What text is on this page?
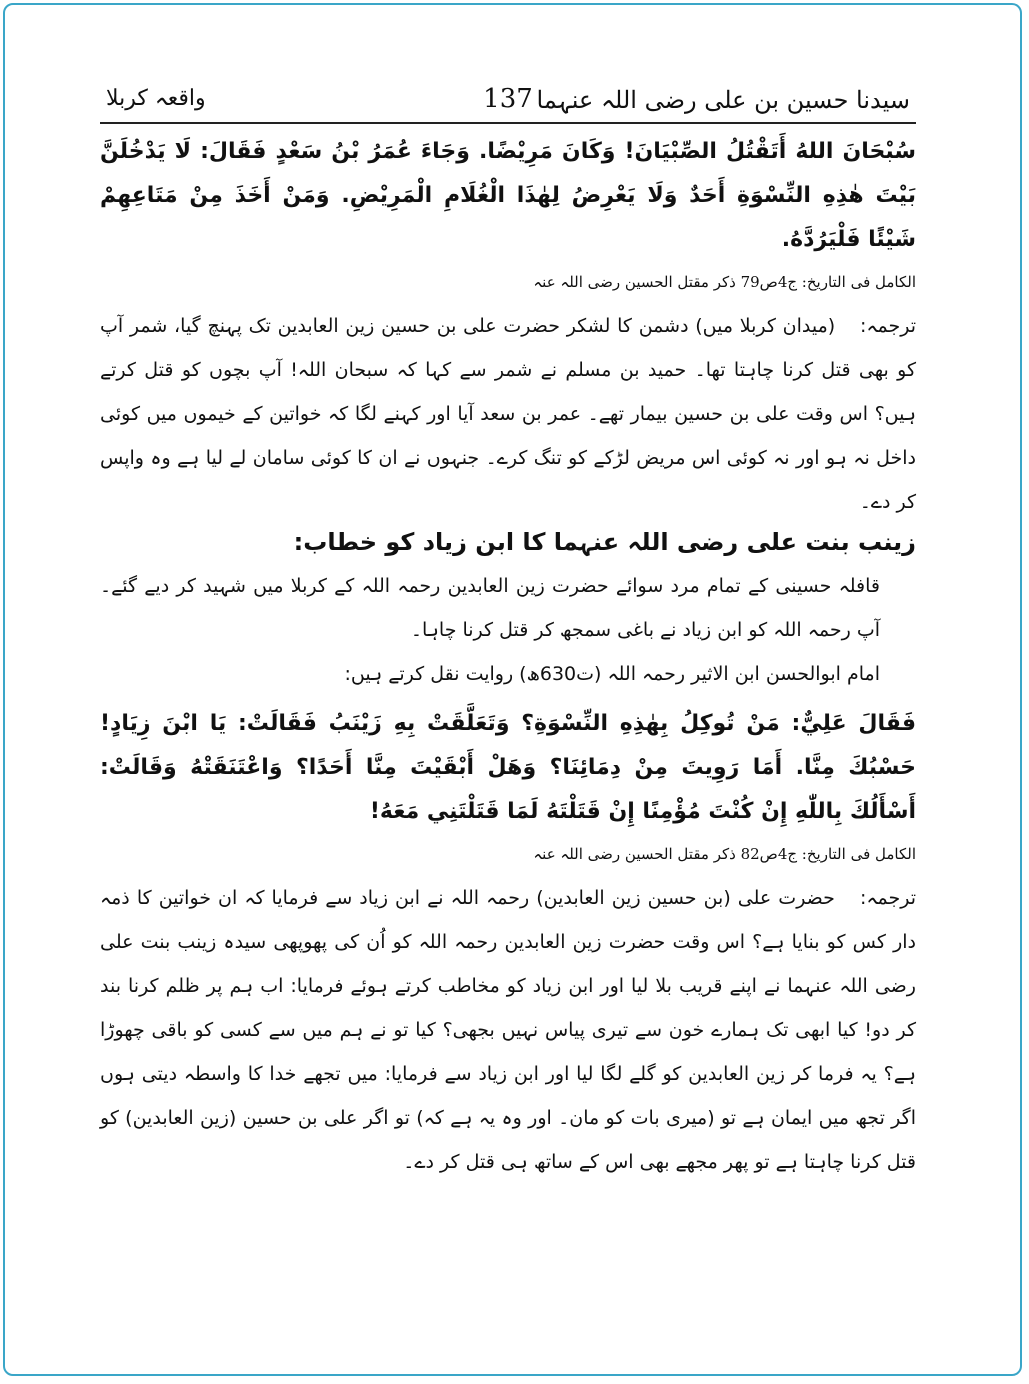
سیدنا حسین بن علی رضی اللہ عنہما
137
واقعہ کربلا

سُبْحَانَ اللهُ أَتَقْتُلُ الصِّبْيَانَ! وَكَانَ مَرِيْضًا. وَجَاءَ عُمَرُ بْنُ سَعْدٍ فَقَالَ: لَا يَدْخُلَنَّ بَيْتَ هٰذِهِ النِّسْوَةِ أَحَدٌ وَلَا يَعْرِضُ لِهٰذَا الْغُلَامِ الْمَرِيْضِ. وَمَنْ أَخَذَ مِنْ مَتَاعِهِمْ شَيْئًا فَلْيَرُدَّهُ.

الکامل فی التاریخ: ج4ص79 ذکر مقتل الحسین رضی اللہ عنہ

ترجمہ: (میدان کربلا میں) دشمن کا لشکر حضرت علی بن حسین زین العابدین تک پہنچ گیا، شمر آپ کو بھی قتل کرنا چاہتا تھا۔ حمید بن مسلم نے شمر سے کہا کہ سبحان اللہ! آپ بچوں کو قتل کرتے ہیں؟ اس وقت علی بن حسین بیمار تھے۔ عمر بن سعد آیا اور کہنے لگا کہ خواتین کے خیموں میں کوئی داخل نہ ہو اور نہ کوئی اس مریض لڑکے کو تنگ کرے۔ جنہوں نے ان کا کوئی سامان لے لیا ہے وہ واپس کر دے۔

زینب بنت علی رضی اللہ عنہما کا ابن زیاد کو خطاب:

قافلہ حسینی کے تمام مرد سوائے حضرت زین العابدین رحمہ اللہ کے کربلا میں شہید کر دیے گئے۔ آپ رحمہ اللہ کو ابن زیاد نے باغی سمجھ کر قتل کرنا چاہا۔

امام ابوالحسن ابن الاثیر رحمہ اللہ (ت630ھ) روایت نقل کرتے ہیں:

فَقَالَ عَلِيٌّ: مَنْ تُوكِلُ بِهٰذِهِ النِّسْوَةِ؟ وَتَعَلَّقَتْ بِهِ زَيْنَبُ فَقَالَتْ: يَا ابْنَ زِيَادٍ! حَسْبُكَ مِنَّا. أَمَا رَوِيتَ مِنْ دِمَائِنَا؟ وَهَلْ أَبْقَيْتَ مِنَّا أَحَدًا؟ وَاعْتَنَقَتْهُ وَقَالَتْ: أَسْأَلُكَ بِاللّٰهِ إِنْ كُنْتَ مُؤْمِنًا إِنْ قَتَلْتَهُ لَمَا قَتَلْتَنِي مَعَهُ!

الکامل فی التاریخ: ج4ص82 ذکر مقتل الحسین رضی اللہ عنہ

ترجمہ: حضرت علی (بن حسین زین العابدین) رحمہ اللہ نے ابن زیاد سے فرمایا کہ ان خواتین کا ذمہ دار کس کو بنایا ہے؟ اس وقت حضرت زین العابدین رحمہ اللہ کو اُن کی پھوپھی سیدہ زینب بنت علی رضی اللہ عنہما نے اپنے قریب بلا لیا اور ابن زیاد کو مخاطب کرتے ہوئے فرمایا: اب ہم پر ظلم کرنا بند کر دو! کیا ابھی تک ہمارے خون سے تیری پیاس نہیں بجھی؟ کیا تو نے ہم میں سے کسی کو باقی چھوڑا ہے؟ یہ فرما کر زین العابدین کو گلے لگا لیا اور ابن زیاد سے فرمایا: میں تجھے خدا کا واسطہ دیتی ہوں اگر تجھ میں ایمان ہے تو (میری بات کو مان۔ اور وہ یہ ہے کہ) تو اگر علی بن حسین (زین العابدین) کو قتل کرنا چاہتا ہے تو پھر مجھے بھی اس کے ساتھ ہی قتل کر دے۔
